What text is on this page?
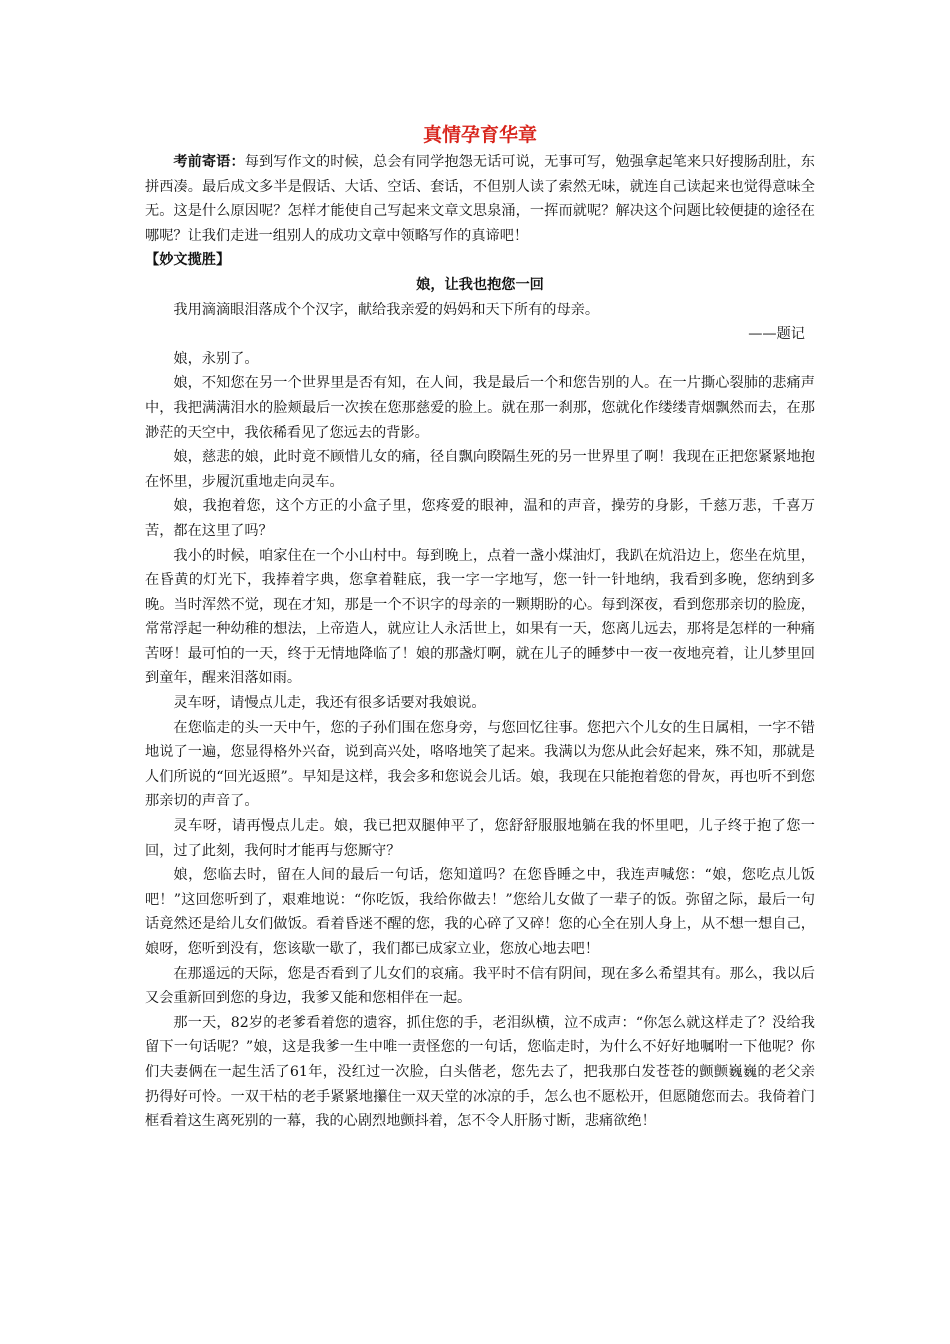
真情孕育华章

考前寄语：每到写作文的时候，总会有同学抱怨无话可说，无事可写，勉强拿起笔来只好搜肠刮肚，东拼西凑。最后成文多半是假话、大话、空话、套话，不但别人读了索然无味，就连自己读起来也觉得意味全无。这是什么原因呢？怎样才能使自己写起来文章文思泉涌，一挥而就呢？解决这个问题比较便捷的途径在哪呢？让我们走进一组别人的成功文章中领略写作的真谛吧！

【妙文揽胜】

娘，让我也抱您一回

我用滴滴眼泪落成个个汉字，献给我亲爱的妈妈和天下所有的母亲。

——题记

娘，永别了。

娘，不知您在另一个世界里是否有知，在人间，我是最后一个和您告别的人。在一片撕心裂肺的悲痛声中，我把满满泪水的脸颊最后一次挨在您那慈爱的脸上。就在那一刹那，您就化作缕缕青烟飘然而去，在那渺茫的天空中，我依稀看见了您远去的背影。

娘，慈悲的娘，此时竟不顾惜儿女的痛，径自飘向睽隔生死的另一世界里了啊！我现在正把您紧紧地抱在怀里，步履沉重地走向灵车。

娘，我抱着您，这个方正的小盒子里，您疼爱的眼神，温和的声音，操劳的身影，千慈万悲，千喜万苦，都在这里了吗？

我小的时候，咱家住在一个小山村中。每到晚上，点着一盏小煤油灯，我趴在炕沿边上，您坐在炕里，在昏黄的灯光下，我捧着字典，您拿着鞋底，我一字一字地写，您一针一针地纳，我看到多晚，您纳到多晚。当时浑然不觉，现在才知，那是一个不识字的母亲的一颗期盼的心。每到深夜，看到您那亲切的脸庞，常常浮起一种幼稚的想法，上帝造人，就应让人永活世上，如果有一天，您离儿远去，那将是怎样的一种痛苦呀！最可怕的一天，终于无情地降临了！娘的那盏灯啊，就在儿子的睡梦中一夜一夜地亮着，让儿梦里回到童年，醒来泪落如雨。

灵车呀，请慢点儿走，我还有很多话要对我娘说。

在您临走的头一天中午，您的子孙们围在您身旁，与您回忆往事。您把六个儿女的生日属相，一字不错地说了一遍，您显得格外兴奋，说到高兴处，咯咯地笑了起来。我满以为您从此会好起来，殊不知，那就是人们所说的“回光返照”。早知是这样，我会多和您说会儿话。娘，我现在只能抱着您的骨灰，再也听不到您那亲切的声音了。

灵车呀，请再慢点儿走。娘，我已把双腿伸平了，您舒舒服服地躺在我的怀里吧，儿子终于抱了您一回，过了此刻，我何时才能再与您厮守？

娘，您临去时，留在人间的最后一句话，您知道吗？在您昏睡之中，我连声喊您：“娘，您吃点儿饭吧！”这回您听到了，艰难地说：“你吃饭，我给你做去！”您给儿女做了一辈子的饭。弥留之际，最后一句话竟然还是给儿女们做饭。看着昏迷不醒的您，我的心碎了又碎！您的心全在别人身上，从不想一想自己，娘呀，您听到没有，您该歇一歇了，我们都已成家立业，您放心地去吧！

在那遥远的天际，您是否看到了儿女们的哀痛。我平时不信有阴间，现在多么希望其有。那么，我以后又会重新回到您的身边，我爹又能和您相伴在一起。

那一天，82岁的老爹看着您的遗容，抓住您的手，老泪纵横，泣不成声：“你怎么就这样走了？没给我留下一句话呢？”娘，这是我爹一生中唯一责怪您的一句话，您临走时，为什么不好好地嘱咐一下他呢？你们夫妻俩在一起生活了61年，没红过一次脸，白头偕老，您先去了，把我那白发苍苍的颤颤巍巍的老父亲扔得好可怜。一双干枯的老手紧紧地攥住一双天堂的冰凉的手，怎么也不愿松开，但愿随您而去。我倚着门框看着这生离死别的一幕，我的心剧烈地颤抖着，怎不令人肝肠寸断，悲痛欲绝！
